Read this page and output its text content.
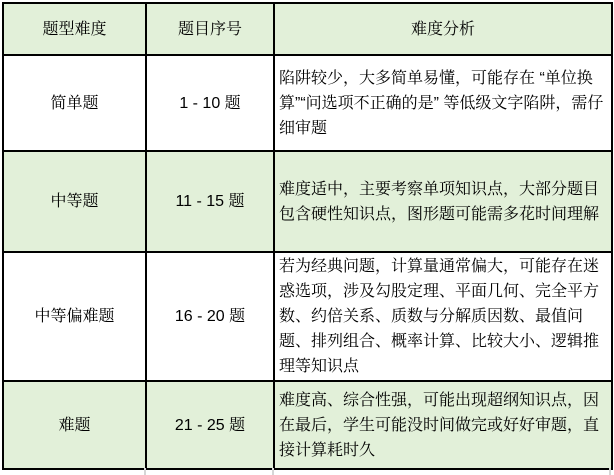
题型难度	题目序号	难度分析
简单题	1 - 10 题	陷阱较少，大多简单易懂，可能存在 “单位换算”“问选项不正确的是” 等低级文字陷阱，需仔细审题
中等题	11 - 15 题	难度适中，主要考察单项知识点，大部分题目包含硬性知识点，图形题可能需多花时间理解
中等偏难题	16 - 20 题	若为经典问题，计算量通常偏大，可能存在迷惑选项，涉及勾股定理、平面几何、完全平方数、约倍关系、质数与分解质因数、最值问题、排列组合、概率计算、比较大小、逻辑推理等知识点
难题	21 - 25 题	难度高、综合性强，可能出现超纲知识点，因在最后，学生可能没时间做完或好好审题，直接计算耗时久
